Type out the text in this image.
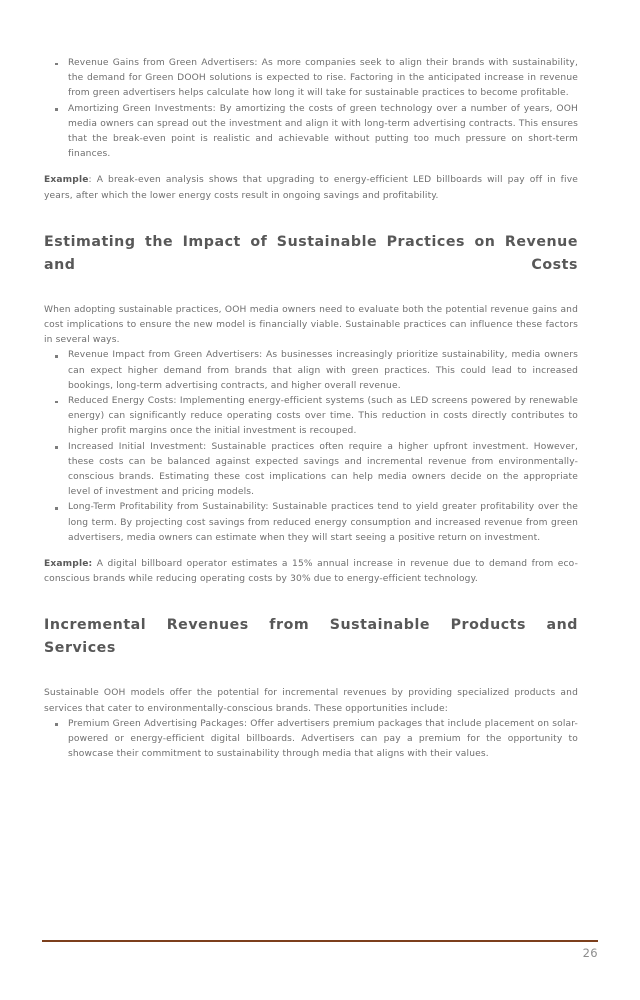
Revenue Gains from Green Advertisers: As more companies seek to align their brands with sustainability, the demand for Green DOOH solutions is expected to rise. Factoring in the anticipated increase in revenue from green advertisers helps calculate how long it will take for sustainable practices to become profitable.

Amortizing Green Investments: By amortizing the costs of green technology over a number of years, OOH media owners can spread out the investment and align it with long-term advertising contracts. This ensures that the break-even point is realistic and achievable without putting too much pressure on short-term finances.

Example: A break-even analysis shows that upgrading to energy-efficient LED billboards will pay off in five years, after which the lower energy costs result in ongoing savings and profitability.

Estimating the Impact of Sustainable Practices on Revenue and Costs

When adopting sustainable practices, OOH media owners need to evaluate both the potential revenue gains and cost implications to ensure the new model is financially viable. Sustainable practices can influence these factors in several ways.

Revenue Impact from Green Advertisers: As businesses increasingly prioritize sustainability, media owners can expect higher demand from brands that align with green practices. This could lead to increased bookings, long-term advertising contracts, and higher overall revenue.

Reduced Energy Costs: Implementing energy-efficient systems (such as LED screens powered by renewable energy) can significantly reduce operating costs over time. This reduction in costs directly contributes to higher profit margins once the initial investment is recouped.

Increased Initial Investment: Sustainable practices often require a higher upfront investment. However, these costs can be balanced against expected savings and incremental revenue from environmentally-conscious brands. Estimating these cost implications can help media owners decide on the appropriate level of investment and pricing models.

Long-Term Profitability from Sustainability: Sustainable practices tend to yield greater profitability over the long term. By projecting cost savings from reduced energy consumption and increased revenue from green advertisers, media owners can estimate when they will start seeing a positive return on investment.

Example: A digital billboard operator estimates a 15% annual increase in revenue due to demand from eco-conscious brands while reducing operating costs by 30% due to energy-efficient technology.

Incremental Revenues from Sustainable Products and Services

Sustainable OOH models offer the potential for incremental revenues by providing specialized products and services that cater to environmentally-conscious brands. These opportunities include:

Premium Green Advertising Packages: Offer advertisers premium packages that include placement on solar-powered or energy-efficient digital billboards. Advertisers can pay a premium for the opportunity to showcase their commitment to sustainability through media that aligns with their values.

26
